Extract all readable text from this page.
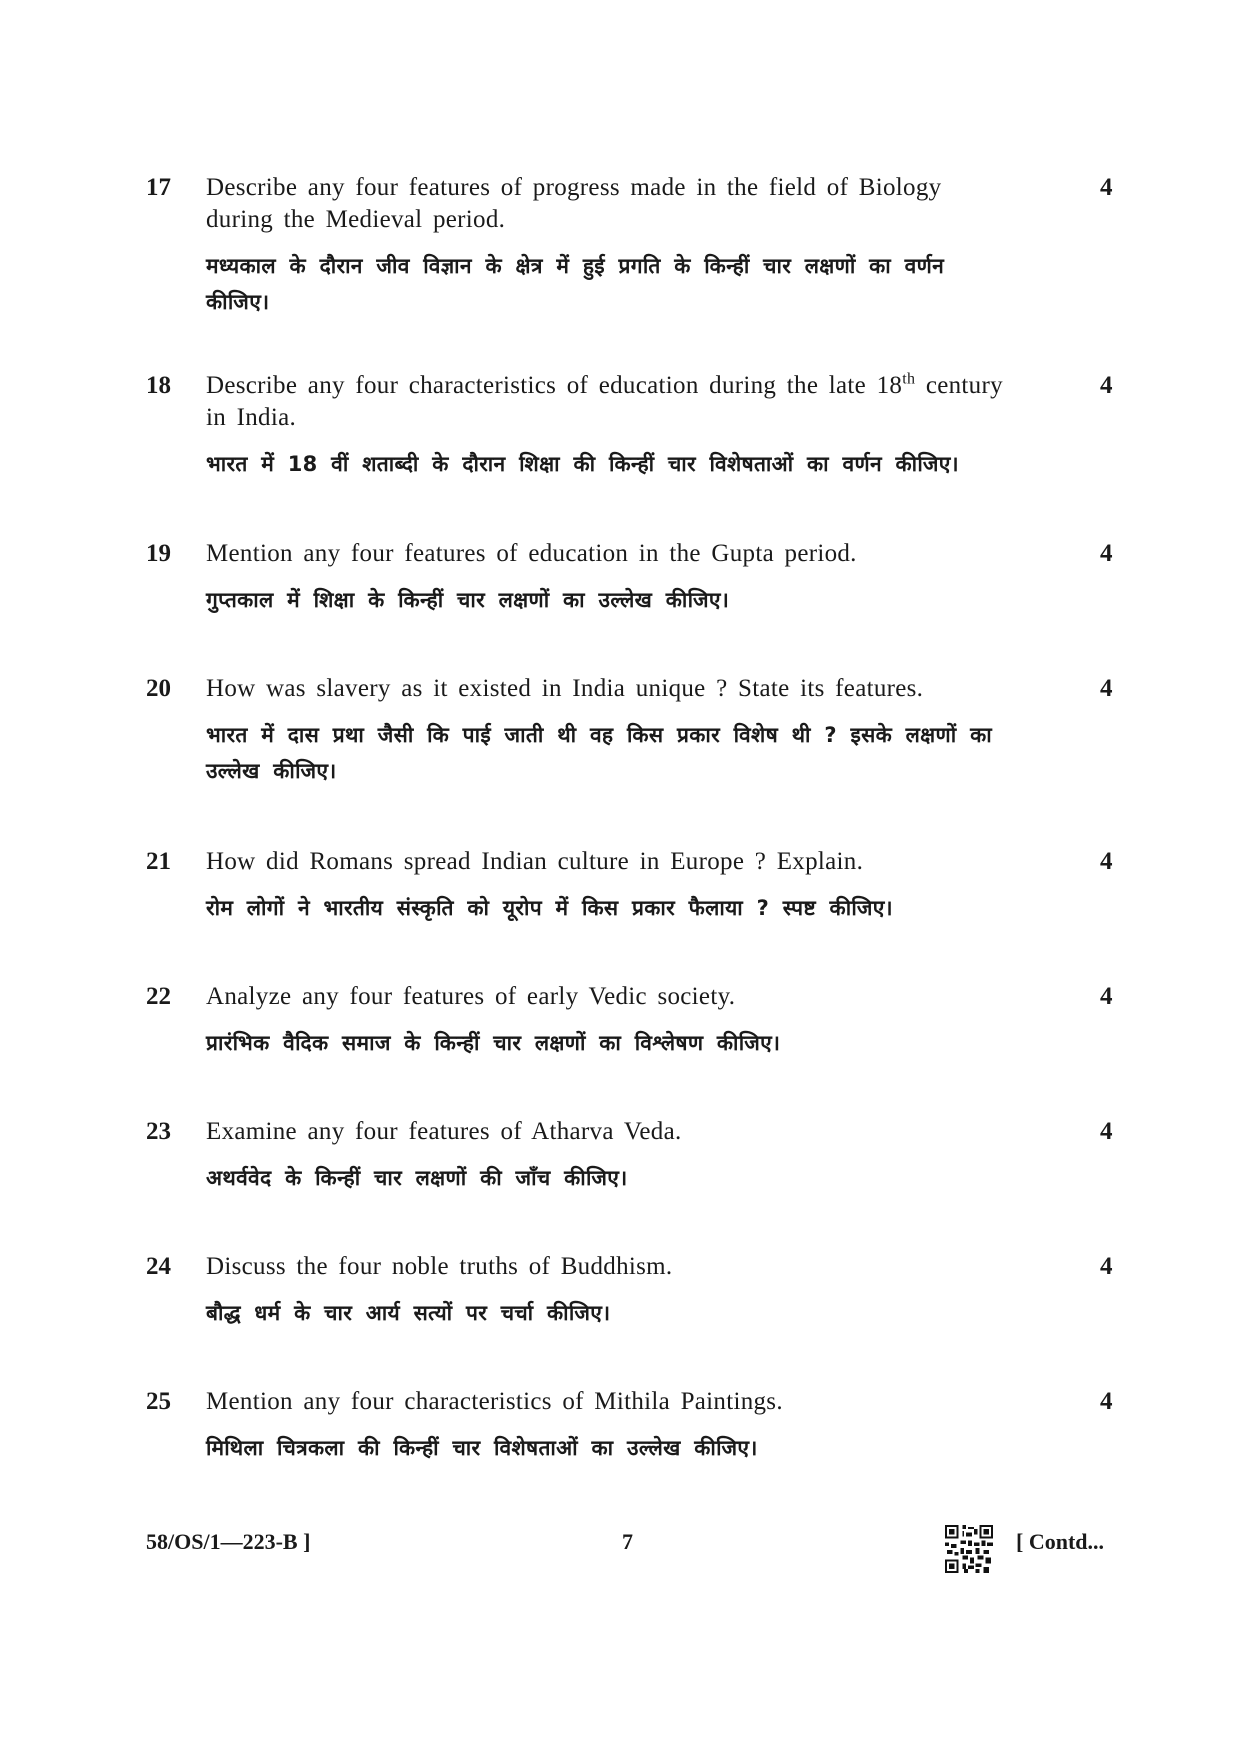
17 Describe any four features of progress made in the field of Biology during the Medieval period.
मध्यकाल के दौरान जीव विज्ञान के क्षेत्र में हुई प्रगति के किन्हीं चार लक्षणों का वर्णन कीजिए।
4
18 Describe any four characteristics of education during the late 18th century in India.
भारत में 18 वीं शताब्दी के दौरान शिक्षा की किन्हीं चार विशेषताओं का वर्णन कीजिए।
4
19 Mention any four features of education in the Gupta period.
गुप्तकाल में शिक्षा के किन्हीं चार लक्षणों का उल्लेख कीजिए।
4
20 How was slavery as it existed in India unique ? State its features.
भारत में दास प्रथा जैसी कि पाई जाती थी वह किस प्रकार विशेष थी ? इसके लक्षणों का उल्लेख कीजिए।
4
21 How did Romans spread Indian culture in Europe ? Explain.
रोम लोगों ने भारतीय संस्कृति को यूरोप में किस प्रकार फैलाया ? स्पष्ट कीजिए।
4
22 Analyze any four features of early Vedic society.
प्रारंभिक वैदिक समाज के किन्हीं चार लक्षणों का विश्लेषण कीजिए।
4
23 Examine any four features of Atharva Veda.
अथर्ववेद के किन्हीं चार लक्षणों की जाँच कीजिए।
4
24 Discuss the four noble truths of Buddhism.
बौद्ध धर्म के चार आर्य सत्यों पर चर्चा कीजिए।
4
25 Mention any four characteristics of Mithila Paintings.
मिथिला चित्रकला की किन्हीं चार विशेषताओं का उल्लेख कीजिए।
4
58/OS/1—223-B ]	7	[ Contd...
